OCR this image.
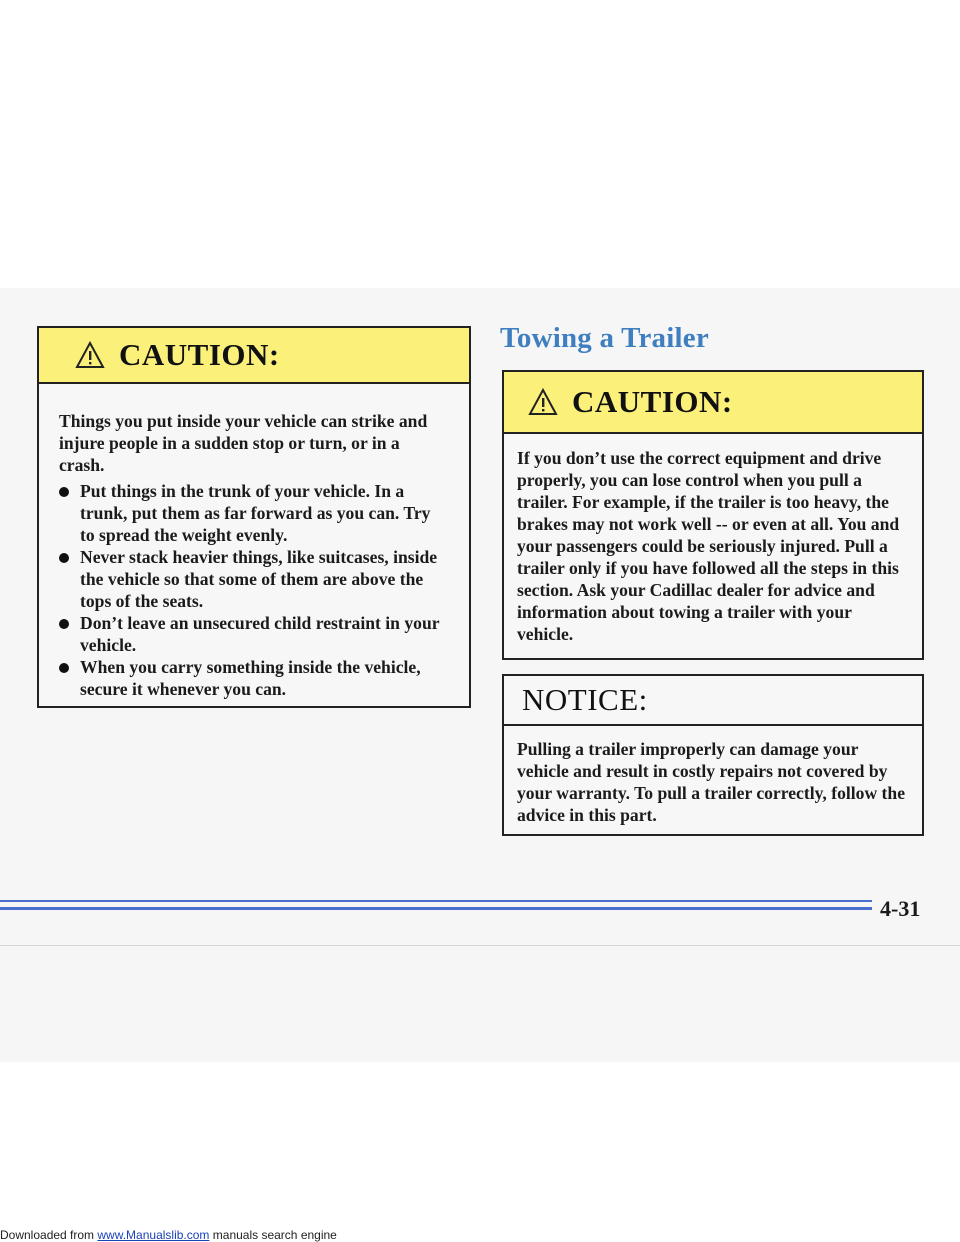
CAUTION:

Things you put inside your vehicle can strike and injure people in a sudden stop or turn, or in a crash.

Put things in the trunk of your vehicle. In a trunk, put them as far forward as you can. Try to spread the weight evenly.
Never stack heavier things, like suitcases, inside the vehicle so that some of them are above the tops of the seats.
Don’t leave an unsecured child restraint in your vehicle.
When you carry something inside the vehicle, secure it whenever you can.
Towing a Trailer
CAUTION:

If you don’t use the correct equipment and drive properly, you can lose control when you pull a trailer. For example, if the trailer is too heavy, the brakes may not work well -- or even at all. You and your passengers could be seriously injured. Pull a trailer only if you have followed all the steps in this section. Ask your Cadillac dealer for advice and information about towing a trailer with your vehicle.

NOTICE:

Pulling a trailer improperly can damage your vehicle and result in costly repairs not covered by your warranty. To pull a trailer correctly, follow the advice in this part.

4-31
Downloaded from www.Manualslib.com manuals search engine
